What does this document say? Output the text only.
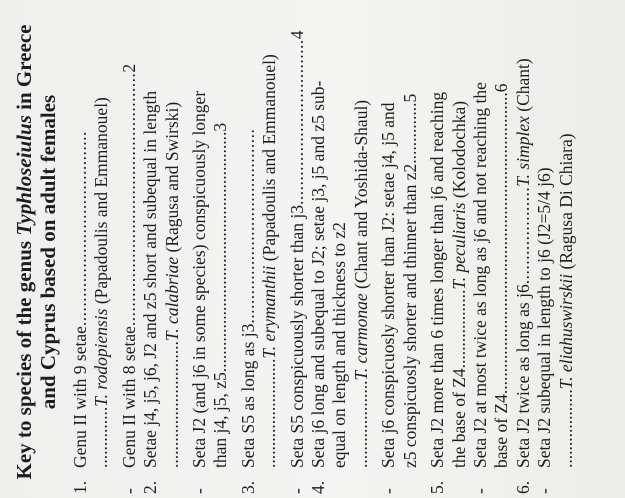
Key to species of the genus Typhloseiulus in Greece
and Cyprus based on adult females
1.
Genu II with 9 setae........................................
..............T. rodopiensis (Papadoulis and Emmanouel)
-
Genu II with 8 setae....................................................2
2.
Setae j4, j5, j6, J2 and z5 short and subequal in length .............................T. calabriae (Ragusa and Swirski)
-
Seta J2 (and j6 in some species) conspicuously longer than j4, j5, z5.......................................................3
3.
Seta S5 as long as j3........................................
.........................T. erymanthii (Papadoulis and Emmanouel)
-
Seta S5 conspicuously shorter than j3..................................4
4.
Seta j6 long and subequal to J2; setae j3, j5 and z5 sub- equal on length and thickness to z2 ....................T. carmonae (Chant and Yoshida-Shaul)
-
Seta j6 conspicuosly shorter than J2: setae j4, j5 and z5 conspicuosly shorter and thinner than z2..............5
5.
Seta J2 more than 6 times longer than j6 and reaching the base of Z4..................T. peculiaris (Kolodochka)
-
Seta J2 at most twice as long as j6 and not reaching the base of Z4.....................................................................6
6.
Seta J2 twice as long as j6....................T. simplex (Chant)
-
Seta J2 subequal in length to j6 (J2=5/4 j6) ..................T. eliahuswirskii (Ragusa Di Chiara)
